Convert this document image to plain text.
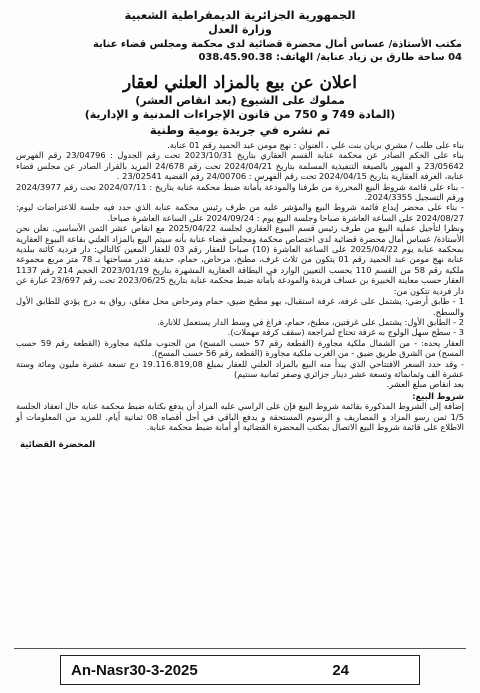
الجمهورية الجزائرية الديمقراطية الشعبية
وزارة العدل
مكتب الأستاذة/ عساس أمال محضرة قضائية لدى محكمة ومجلس قضاء عنابة
04 ساحة طارق بن زياد عنابة/ الهاتف: 038.45.90.38
اعلان عن بيع بالمزاد العلني لعقار
مملوك على الشيوع (بعد انقاص العشر)
(المادة 749 و 750 من قانون الإجراءات المدنية و الإدارية)
تم نشره في جريدة يومية وطنية

بناء على طلب / مشري بريان بنت علي ، العنوان : نهج مومن عبد الحميد رقم 01 عنابة.

بناء على الحكم الصادر عن محكمة عنابة القسم العقاري بتاريخ 2023/10/31 تحت رقم الجدول : 23/04796 رقم الفهرس 23/05642 و المهور بالصيغة التنفيذية المسلمة بتاريخ 2024/04/21 تحت رقم 24/678 المزيد بالقرار الصادر عن مجلس قضاء عنابة، الغرفة العقارية بتاريخ 2024/04/15 تحت رقم الفهرس : 24/00706 رقم القضية 23/02541 .

- بناء على قائمة شروط البيع المحررة من طرفنا والمودعة بأمانة ضبط محكمة عنابة بتاريخ : 2024/07/11 تحت رقم 2024/3977 ورقم التسجيل 2024/3355.

- بناء على محضر إيداع قائمة شروط البيع والمؤشر عليه من طرف رئيس محكمة عنابة الذي حدد فيه جلسة للاعتراضات ليوم: 2024/08/27 على الساعة العاشرة صباحا وجلسة البيع يوم : 2024/09/24 على الساعة العاشرة صباحا.

ونظرا لتأجيل عملية البيع من طرف رئيس قسم البيوع العقاري لجلسة 2025/04/22 مع انقاص عشر الثمن الأساسي. نعلن نحن الأستاذة/ عساس أمال محضرة قضائية لدى اختصاص محكمة ومجلس قضاء عنابة بأنه سيتم البيع بالمزاد العلني بقاعة البيوع العقارية بمحكمة عنابة يوم 2025/04/22 على الساعة العاشرة (10) صباحا للعقار رقم 03 للعقار المعين كالتالي: دار فردية كائنة ببلدية عنابة نهج مومن عبد الحميد رقم 01 يتكون من ثلاث غرف، مطبخ، مرحاض، حمام، حديقة تقدر مساحتها بـ 78 متر مربع مجموعة ملكية رقم 58 من القسم 110 بحسب التعيين الوارد في البطاقة العقارية المشهرة بتاريخ 2023/01/19 الحجم 214 رقم 1137 العقار حسب معاينة الخبيرة بن عساف فريدة والمودعة بأمانة ضبط محكمة عنابة بتاريخ 2023/06/25 تحت رقم 23/697 عبارة عن دار فردية تتكون من:

1 - طابق أرضي: يشتمل على غرفة، غرفة استقبال، بهو مطبخ ضيق، حمام ومرحاض محل مغلق، رواق به درج يؤدي للطابق الأول والسطح.

2 - الطابق الأول: يشتمل على غرفتين، مطبخ، حمام، فراغ في وسط الدار يستعمل للانارة.

3 - سطح سهل الولوج به غرفة تحتاج لمراجعة (سقف كرفة مهملات).

العقار يحده: - من الشمال ملكية مجاورة (القطعة رقم 57 حسب المسح) من الجنوب ملكية مجاورة (القطعة رقم 59 حسب المسح) من الشرق طريق ضيق - من الغرب ملكية مجاورة (القطعة رقم 56 حسب المسح).

- وقد حدد السعر الافتتاحي الذي يبدأ منه البيع بالمزاد العلني للعقار بمبلغ 19.116.819,08 دج تسعة عشرة مليون ومائة وستة عشرة الف وثمانمائة وتسعة عشر دينار جزائري وصفر ثمانية سنتيم)

بعد انقاص مبلغ العشر.

شروط البيع:

إضافة إلى الشروط المذكورة بقائمة شروط البيع فإن على الراسي عليه المزاد أن يدفع بكتابة ضبط محكمة عنابة حال انعقاد الجلسة 1/5 ثمن رسو المزاد و المصاريف و الرسوم المستحقة و يدفع الباقي في أجل أقصاه 08 ثمانية أيام. للمزيد من المعلومات أو الاطلاع على قائمة شروط البيع الاتصال بمكتب المحضرة القضائية أو أمانة ضبط محكمة عنابة.

المحضرة القضائية
An-Nasr30-3-2025	24
